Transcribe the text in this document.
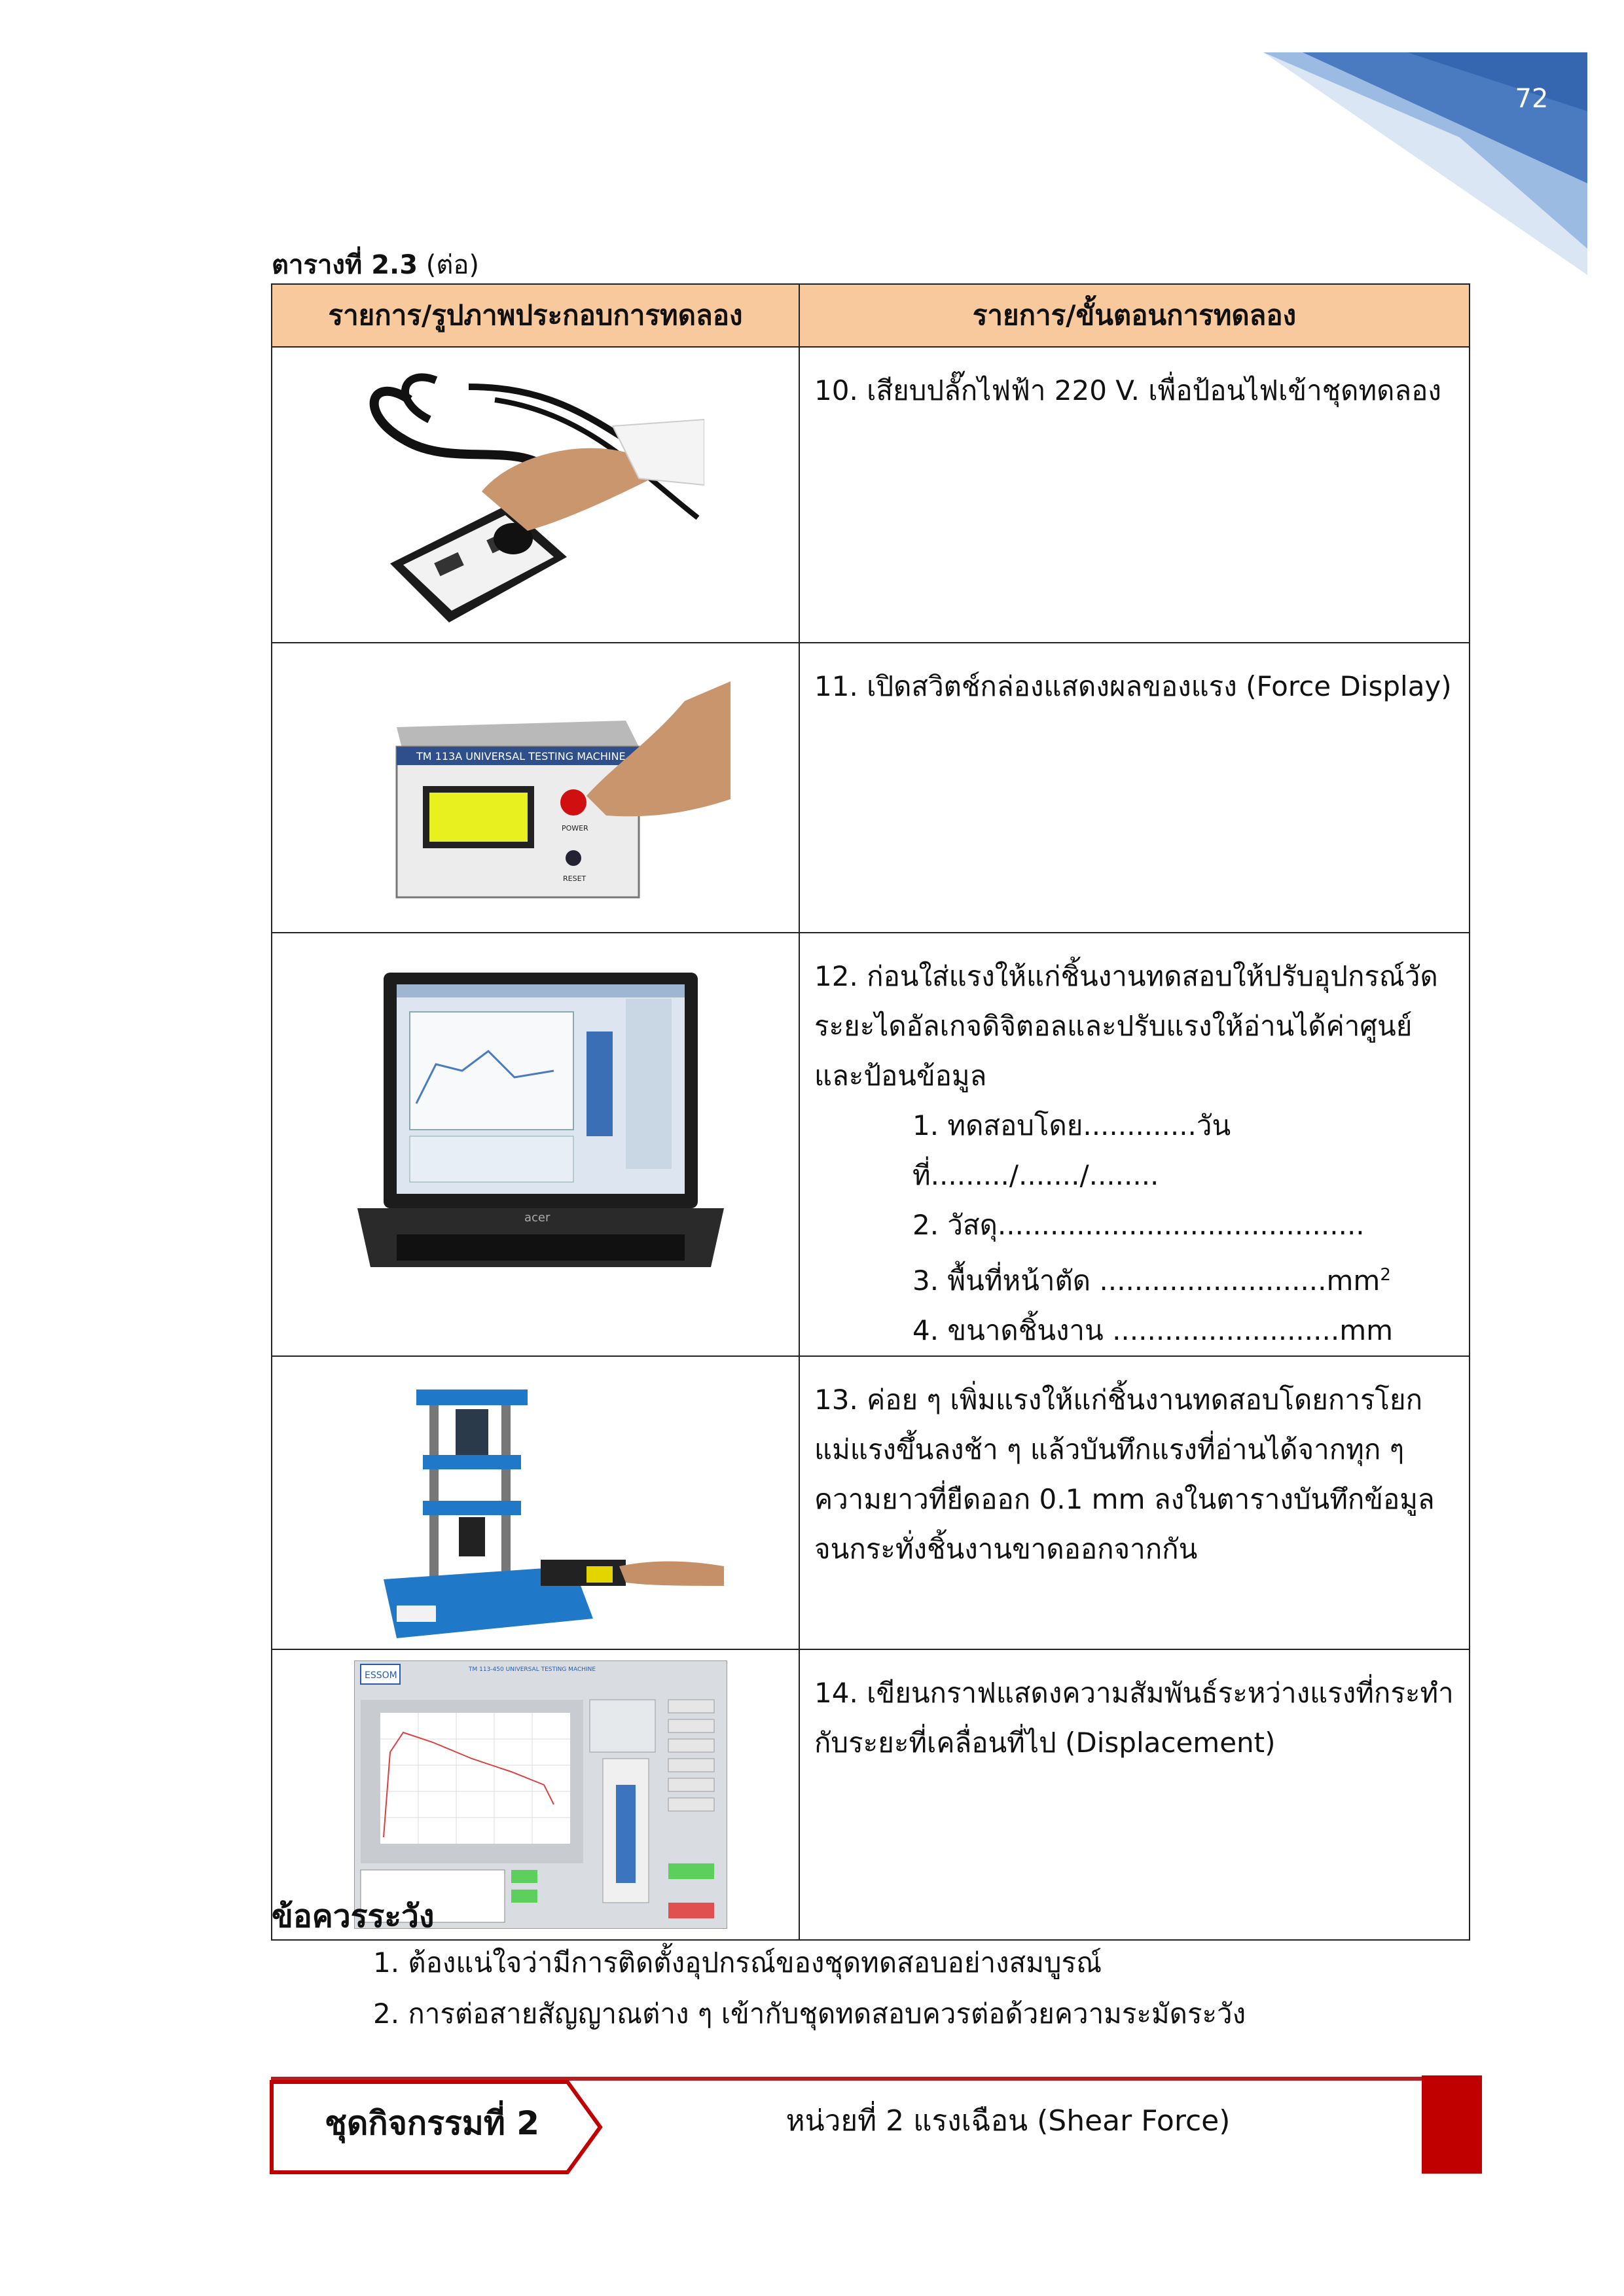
72
ตารางที่ 2.3 (ต่อ)
รายการ/รูปภาพประกอบการทดลอง	รายการ/ขั้นตอนการทดลอง

	10. เสียบปลั๊กไฟฟ้า 220 V. เพื่อป้อนไฟเข้าชุดทดลอง

TM 113A UNIVERSAL TESTING MACHINE
POWER
RESET	11. เปิดสวิตช์กล่องแสดงผลของแรง (Force Display)

acer	12. ก่อนใส่แรงให้แก่ชิ้นงานทดสอบให้ปรับอุปกรณ์วัดระยะไดอัลเกจดิจิตอลและปรับแรงให้อ่านได้ค่าศูนย์และป้อนข้อมูล
1. ทดสอบโดย.............วันที่........./......./........
2. วัสดุ..........................................
3. พื้นที่หน้าตัด $..........................mm^2$
4. ขนาดชิ้นงาน ..........................mm

	13. ค่อย ๆ เพิ่มแรงให้แก่ชิ้นงานทดสอบโดยการโยกแม่แรงขึ้นลงช้า ๆ แล้วบันทึกแรงที่อ่านได้จากทุก ๆ ความยาวที่ยืดออก 0.1 mm ลงในตารางบันทึกข้อมูลจนกระทั่งชิ้นงานขาดออกจากกัน

ESSOM
TM 113-450 UNIVERSAL TESTING MACHINE	14. เขียนกราฟแสดงความสัมพันธ์ระหว่างแรงที่กระทำกับระยะที่เคลื่อนที่ไป (Displacement)
ข้อควรระวัง
1. ต้องแน่ใจว่ามีการติดตั้งอุปกรณ์ของชุดทดสอบอย่างสมบูรณ์
2. การต่อสายสัญญาณต่าง ๆ เข้ากับชุดทดสอบควรต่อด้วยความระมัดระวัง
ชุดกิจกรรมที่ 2	หน่วยที่ 2 แรงเฉือน (Shear Force)
